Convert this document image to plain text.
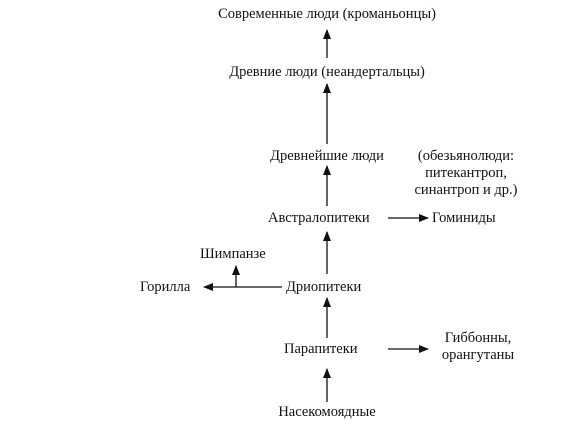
Современные люди (кроманьонцы)
Древние люди (неандертальцы)
Древнейшие люди (обезьянолюди:
питекантроп,
синантроп и др.)
Австралопитеки	Гоминиды
Шимпанзе
Горилла	Дриопитеки
Парапитеки
Гиббонны,
орангутаны
Насекомоядные
